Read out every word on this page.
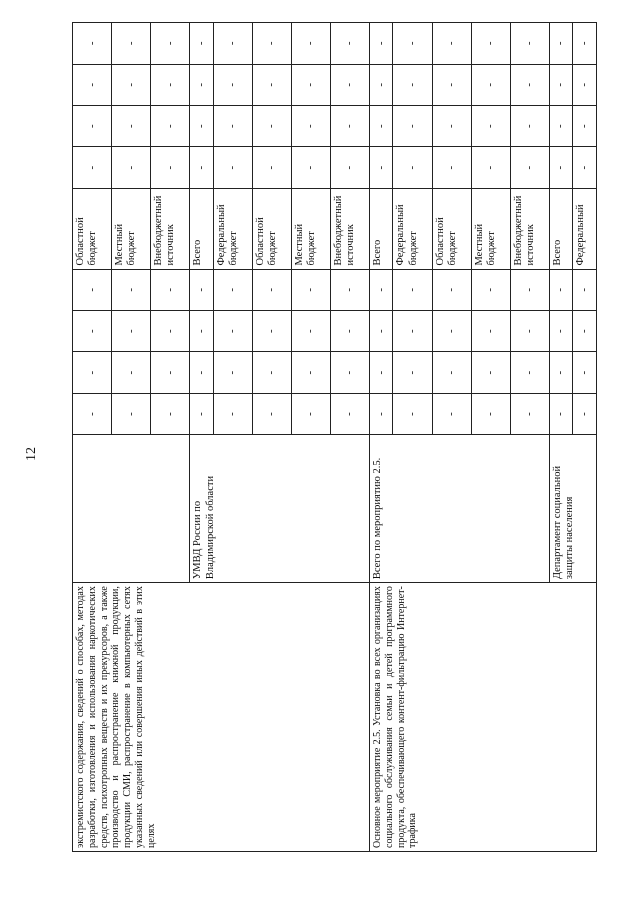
12
экстремистского содержания, сведений о способах, методах разработки, изготовления и использования наркотических средств, психотропных веществ и их прекурсоров, а также производство и распространение книжной продукции, продукции СМИ, распространение в компьютерных сетях указанных сведений или совершения иных действий в этих целях		-	-	-	-	Областной бюджет	-	-	-	-
		-	-	-	-	Местный бюджет	-	-	-	-
		-	-	-	-	Внебюджетный источник	-	-	-	-
	УМВД России по Владимирской области	-	-	-	-	Всего	-	-	-	-
		-	-	-	-	Федеральный бюджет	-	-	-	-
		-	-	-	-	Областной бюджет	-	-	-	-
		-	-	-	-	Местный бюджет	-	-	-	-
		-	-	-	-	Внебюджетный источник	-	-	-	-
Основное мероприятие 2.5. Установка во всех организациях социального обслуживания семьи и детей программного продукта, обеспечивающего контент-фильтрацию Интернет-трафика	Всего по мероприятию 2.5.	-	-	-	-	Всего	-	-	-	-
		-	-	-	-	Федеральный бюджет	-	-	-	-
		-	-	-	-	Областной бюджет	-	-	-	-
		-	-	-	-	Местный бюджет	-	-	-	-
		-	-	-	-	Внебюджетный источник	-	-	-	-
	Департамент социальной защиты населения	-	-	-	-	Всего	-	-	-	-
		-	-	-	-	Федеральный	-	-	-	-
